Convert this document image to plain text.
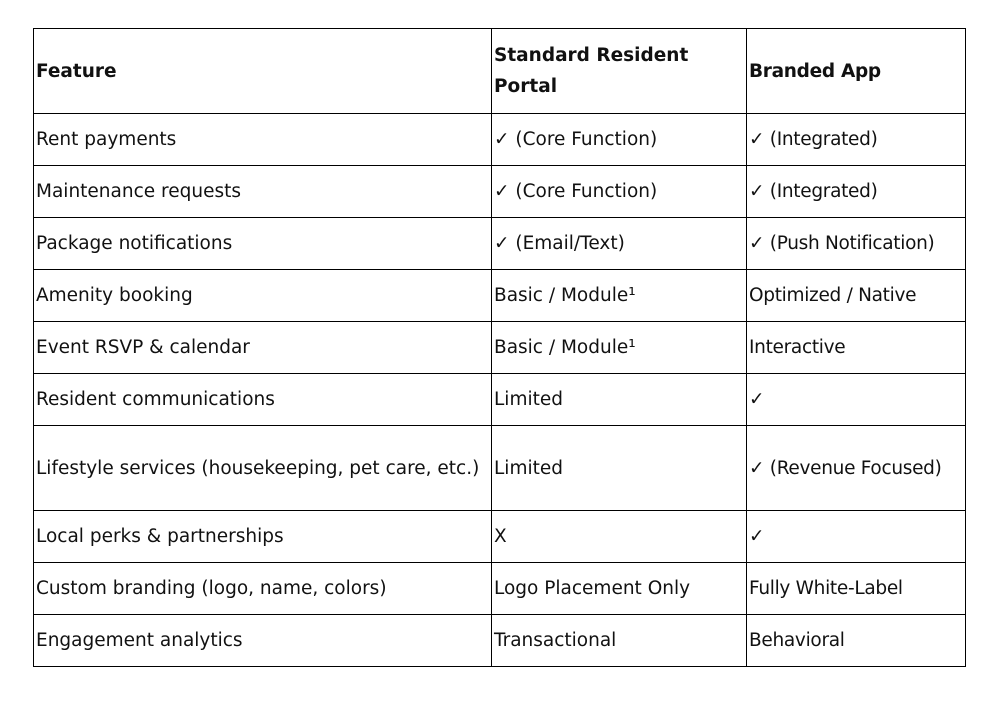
Feature	Standard Resident Portal	Branded App
Rent payments	✓ (Core Function)	✓ (Integrated)
Maintenance requests	✓ (Core Function)	✓ (Integrated)
Package notifications	✓ (Email/Text)	✓ (Push Notification)
Amenity booking	Basic / Module¹	Optimized / Native
Event RSVP & calendar	Basic / Module¹	Interactive
Resident communications	Limited	✓
Lifestyle services (housekeeping, pet care, etc.)	Limited	✓ (Revenue Focused)
Local perks & partnerships	X	✓
Custom branding (logo, name, colors)	Logo Placement Only	Fully White-Label
Engagement analytics	Transactional	Behavioral
